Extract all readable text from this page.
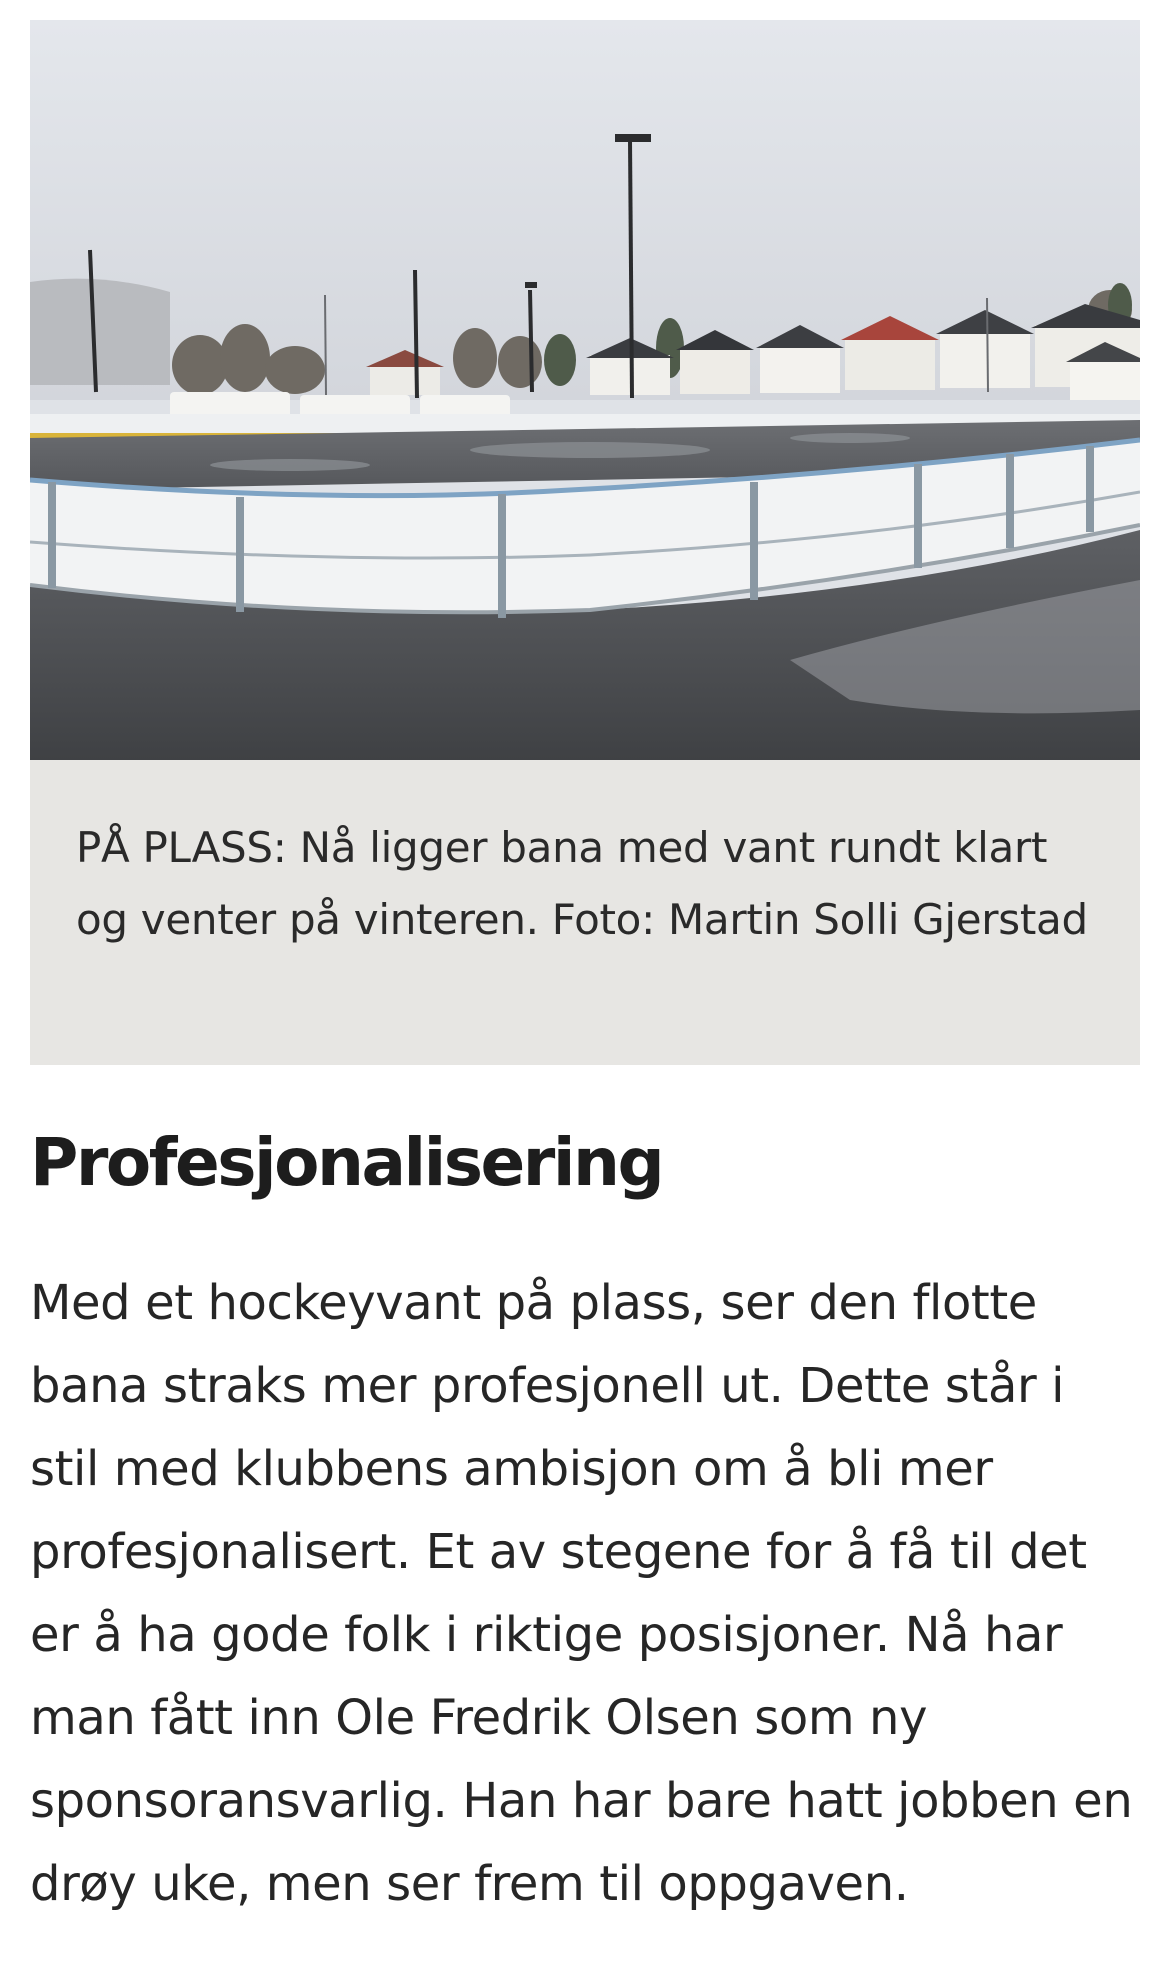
PÅ PLASS: Nå ligger bana med vant rundt klart og venter på vinteren. Foto: Martin Solli Gjerstad
Profesjonalisering

Med et hockeyvant på plass, ser den flotte bana straks mer profesjonell ut. Dette står i stil med klubbens ambisjon om å bli mer profesjonalisert. Et av stegene for å få til det er å ha gode folk i riktige posisjoner. Nå har man fått inn Ole Fredrik Olsen som ny sponsoransvarlig. Han har bare hatt jobben en drøy uke, men ser frem til oppgaven.
